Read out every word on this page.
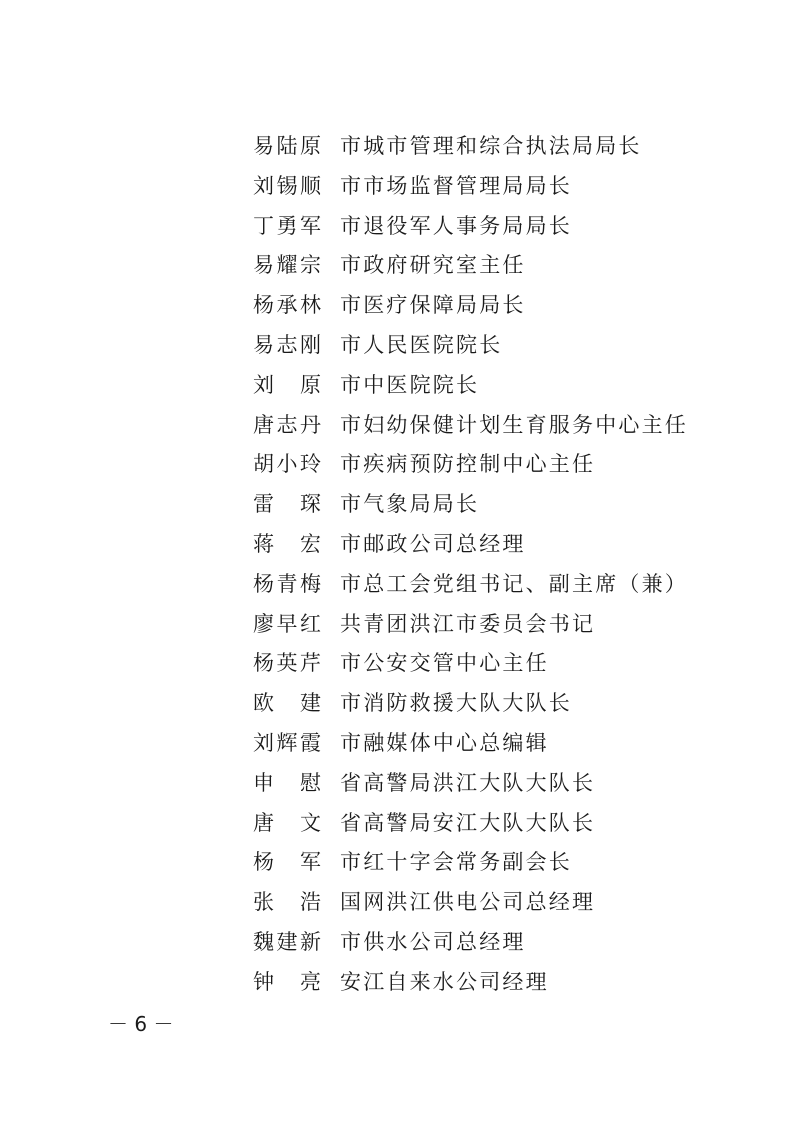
易陆原 市城市管理和综合执法局局长
刘锡顺 市市场监督管理局局长
丁勇军 市退役军人事务局局长
易耀宗 市政府研究室主任
杨承林 市医疗保障局局长
易志刚 市人民医院院长
刘 原 市中医院院长
唐志丹 市妇幼保健计划生育服务中心主任
胡小玲 市疾病预防控制中心主任
雷 琛 市气象局局长
蒋 宏 市邮政公司总经理
杨青梅 市总工会党组书记、副主席（兼）
廖早红 共青团洪江市委员会书记
杨英芹 市公安交管中心主任
欧 建 市消防救援大队大队长
刘辉霞 市融媒体中心总编辑
申 慰 省高警局洪江大队大队长
唐 文 省高警局安江大队大队长
杨 军 市红十字会常务副会长
张 浩 国网洪江供电公司总经理
魏建新 市供水公司总经理
钟 亮 安江自来水公司经理
－ 6 －
